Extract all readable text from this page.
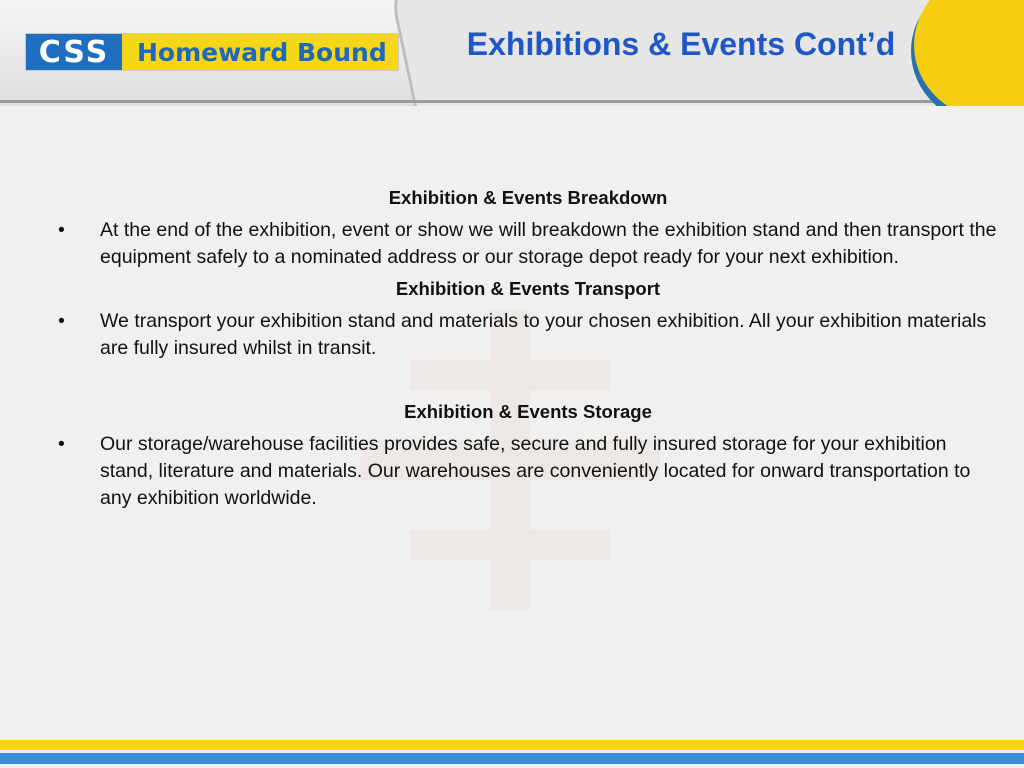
CSS	Homeward Bound	Exhibitions & Events Cont’d

Exhibition & Events Breakdown

• At the end of the exhibition, event or show we will breakdown the exhibition stand and then transport the equipment safely to a nominated address or our storage depot ready for your next exhibition.

Exhibition & Events Transport

• We transport your exhibition stand and materials to your chosen exhibition. All your exhibition materials are fully insured whilst in transit.

Exhibition & Events Storage

• Our storage/warehouse facilities provides safe, secure and fully insured storage for your exhibition stand, literature and materials. Our warehouses are conveniently located for onward transportation to any exhibition worldwide.
